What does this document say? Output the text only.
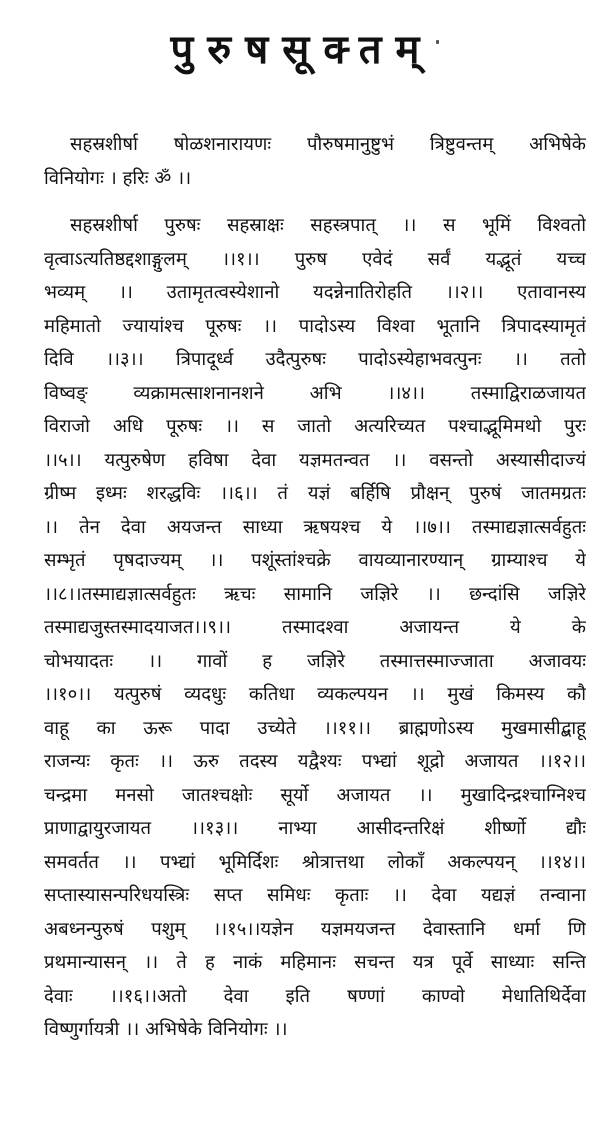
पुरुषसूक्तम्

सहस्रशीर्षा षोळशनारायणः पौरुषमानुष्टुभं त्रिष्टुवन्तम् अभिषेके
विनियोगः । हरिः ॐ ।।

सहस्रशीर्षा पुरुषः सहस्राक्षः सहस्त्रपात् ।। स भूमिं विश्वतो
वृत्वाऽत्यतिष्ठद्दशाङ्गुलम् ।।१।। पुरुष एवेदं सर्वं यद्भूतं यच्च
भव्यम् ।। उतामृतत्वस्येशानो यदन्नेनातिरोहति ।।२।। एतावानस्य
महिमातो ज्यायांश्च पूरुषः ।। पादोऽस्य विश्वा भूतानि त्रिपादस्यामृतं
दिवि ।।३।। त्रिपादूर्ध्व उदैत्पुरुषः पादोऽस्येहाभवत्पुनः ।। ततो
विष्वङ् व्यक्रामत्साशनानशने अभि ।।४।। तस्माद्विराळजायत
विराजो अधि पूरुषः ।। स जातो अत्यरिच्यत पश्चाद्भूमिमथो पुरः
।।५।। यत्पुरुषेण हविषा देवा यज्ञमतन्वत ।। वसन्तो अस्यासीदाज्यं
ग्रीष्म इध्मः शरद्धविः ।।६।। तं यज्ञं बर्हिषि प्रौक्षन् पुरुषं जातमग्रतः
।। तेन देवा अयजन्त साध्या ऋषयश्च ये ।।७।। तस्माद्यज्ञात्सर्वहुतः
सम्भृतं पृषदाज्यम् ।। पशूंस्तांश्चक्रे वायव्यानारण्यान् ग्राम्याश्च ये
।।८।।तस्माद्यज्ञात्सर्वहुतः ऋचः सामानि जज्ञिरे ।। छन्दांसि जज्ञिरे
तस्माद्यजुस्तस्मादयाजत।।९।। तस्मादश्वा अजायन्त ये के
चोभयादतः ।। गावों ह जज्ञिरे तस्मात्तस्माज्जाता अजावयः
।।१०।। यत्पुरुषं व्यदधुः कतिधा व्यकल्पयन ।। मुखं किमस्य कौ
वाहू का ऊरू पादा उच्येते ।।११।। ब्राह्मणोऽस्य मुखमासीद्बाहू
राजन्यः कृतः ।। ऊरु तदस्य यद्वैश्यः पभ्द्यां शूद्रो अजायत ।।१२।।
चन्द्रमा मनसो जातश्चक्षोः सूर्यो अजायत ।। मुखादिन्द्रश्चाग्निश्च
प्राणाद्वायुरजायत ।।१३।। नाभ्या आसीदन्तरिक्षं शीर्ष्णो द्यौः
समवर्तत ।। पभ्द्यां भूमिर्दिशः श्रोत्रात्तथा लोकाँ अकल्पयन् ।।१४।।
सप्तास्यासन्परिधयस्त्रिः सप्त समिधः कृताः ।। देवा यद्यज्ञं तन्वाना
अबध्नन्पुरुषं पशुम् ।।१५।।यज्ञेन यज्ञमयजन्त देवास्तानि धर्मा णि
प्रथमान्यासन् ।। ते ह नाकं महिमानः सचन्त यत्र पूर्वे साध्याः सन्ति
देवाः ।।१६।।अतो देवा इति षण्णां काण्वो मेधातिथिर्देवा
विष्णुर्गायत्री ।। अभिषेके विनियोगः ।।
